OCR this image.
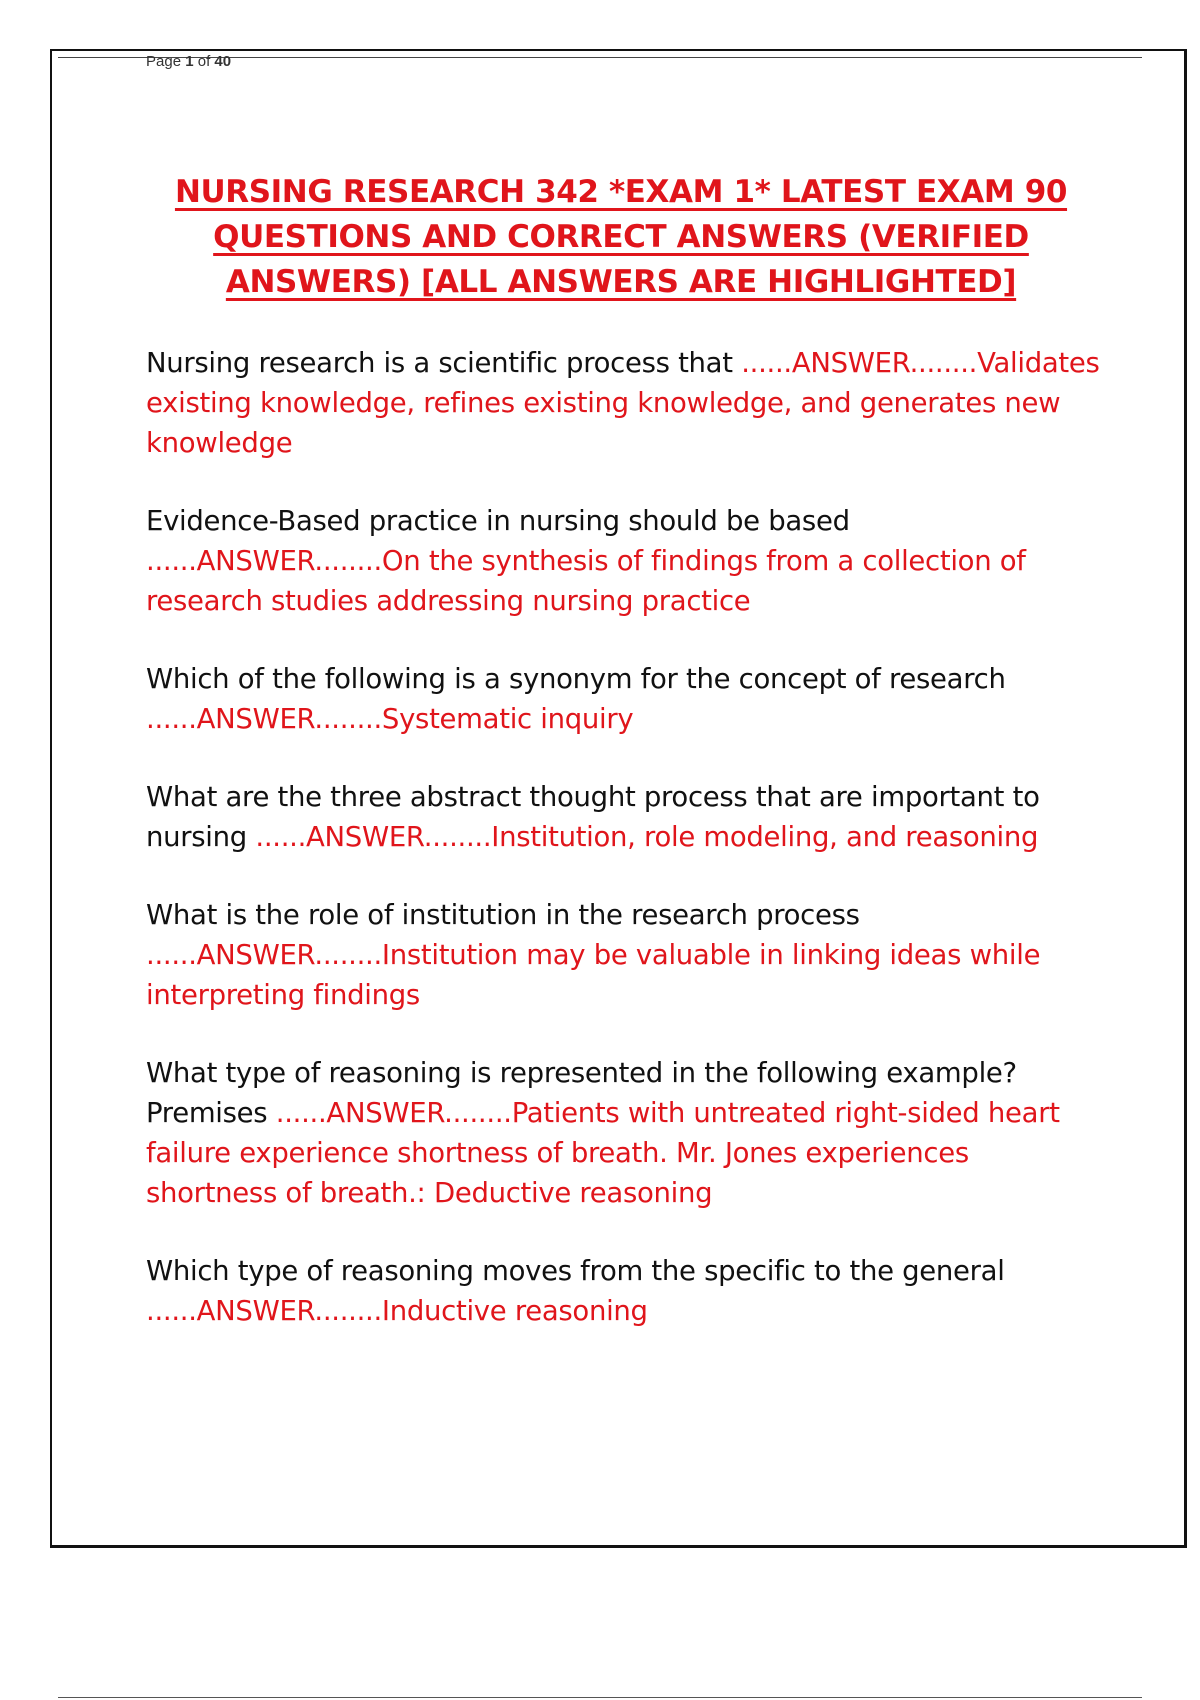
Page 1 of 40
NURSING RESEARCH 342 *EXAM 1* LATEST EXAM 90 QUESTIONS AND CORRECT ANSWERS (VERIFIED ANSWERS) [ALL ANSWERS ARE HIGHLIGHTED]
Nursing research is a scientific process that ......ANSWER........Validates existing knowledge, refines existing knowledge, and generates new knowledge
Evidence-Based practice in nursing should be based ......ANSWER........On the synthesis of findings from a collection of research studies addressing nursing practice
Which of the following is a synonym for the concept of research ......ANSWER........Systematic inquiry
What are the three abstract thought process that are important to nursing ......ANSWER........Institution, role modeling, and reasoning
What is the role of institution in the research process ......ANSWER........Institution may be valuable in linking ideas while interpreting findings
What type of reasoning is represented in the following example? Premises ......ANSWER........Patients with untreated right-sided heart failure experience shortness of breath. Mr. Jones experiences shortness of breath.: Deductive reasoning
Which type of reasoning moves from the specific to the general ......ANSWER........Inductive reasoning
